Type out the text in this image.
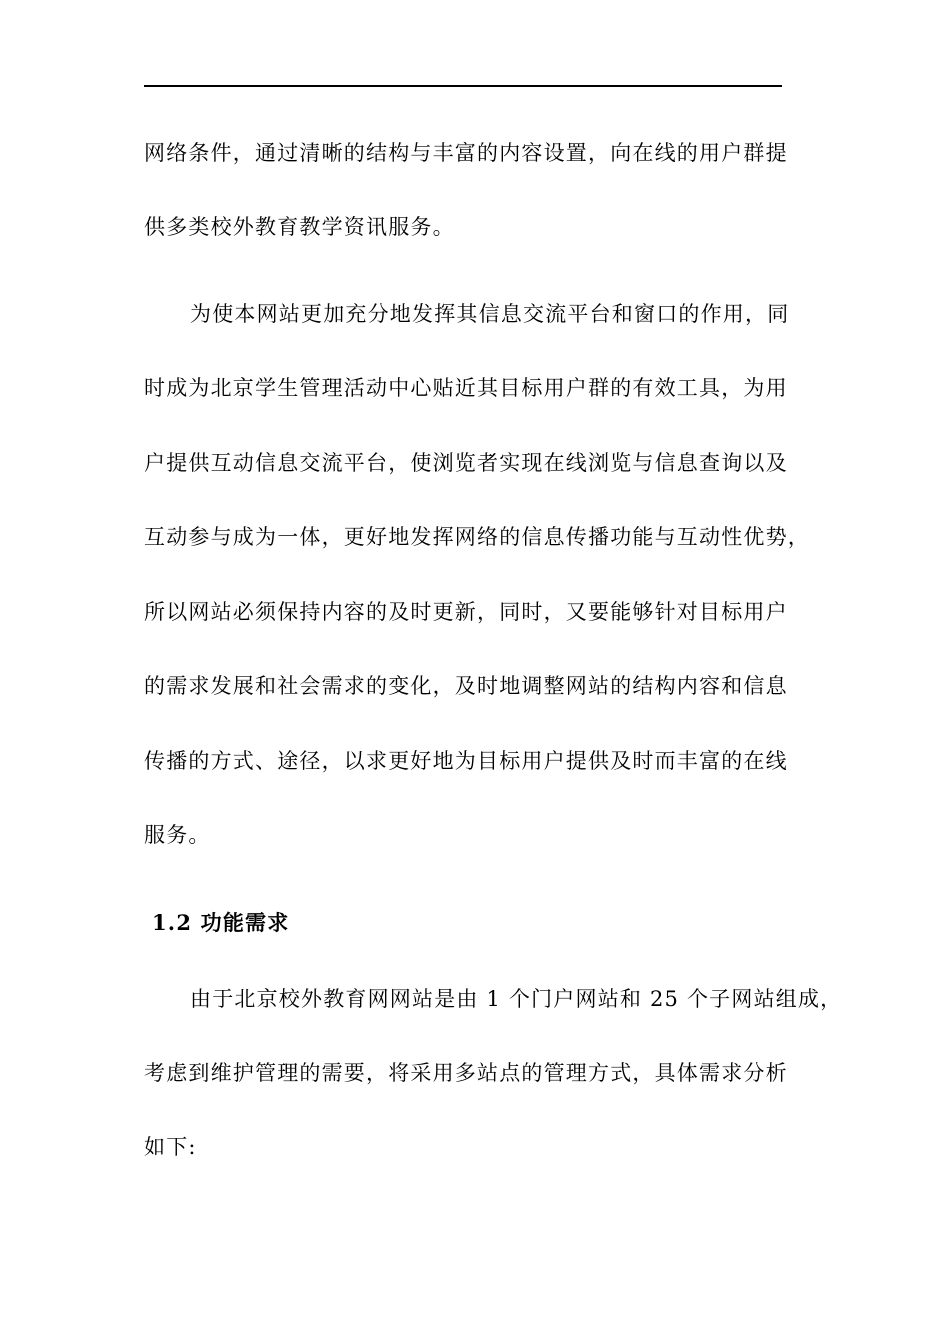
网络条件，通过清晰的结构与丰富的内容设置，向在线的用户群提
供多类校外教育教学资讯服务。
为使本网站更加充分地发挥其信息交流平台和窗口的作用，同
时成为北京学生管理活动中心贴近其目标用户群的有效工具，为用
户提供互动信息交流平台，使浏览者实现在线浏览与信息查询以及
互动参与成为一体，更好地发挥网络的信息传播功能与互动性优势，
所以网站必须保持内容的及时更新，同时，又要能够针对目标用户
的需求发展和社会需求的变化，及时地调整网站的结构内容和信息
传播的方式、途径，以求更好地为目标用户提供及时而丰富的在线
服务。
1.2 功能需求
由于北京校外教育网网站是由 1 个门户网站和 25 个子网站组成，
考虑到维护管理的需要，将采用多站点的管理方式，具体需求分析
如下:
